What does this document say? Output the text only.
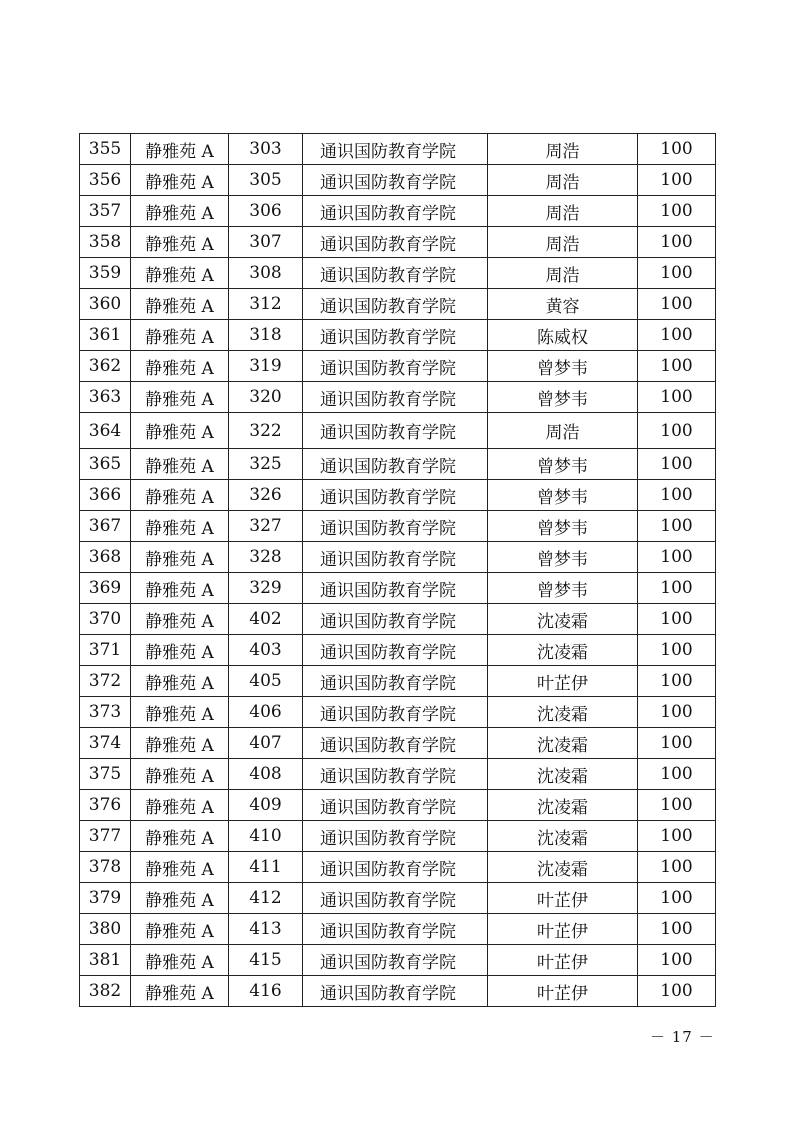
355	静雅苑 A	303	通识国防教育学院	周浩	100
356	静雅苑 A	305	通识国防教育学院	周浩	100
357	静雅苑 A	306	通识国防教育学院	周浩	100
358	静雅苑 A	307	通识国防教育学院	周浩	100
359	静雅苑 A	308	通识国防教育学院	周浩	100
360	静雅苑 A	312	通识国防教育学院	黄容	100
361	静雅苑 A	318	通识国防教育学院	陈威权	100
362	静雅苑 A	319	通识国防教育学院	曾梦韦	100
363	静雅苑 A	320	通识国防教育学院	曾梦韦	100
364	静雅苑 A	322	通识国防教育学院	周浩	100
365	静雅苑 A	325	通识国防教育学院	曾梦韦	100
366	静雅苑 A	326	通识国防教育学院	曾梦韦	100
367	静雅苑 A	327	通识国防教育学院	曾梦韦	100
368	静雅苑 A	328	通识国防教育学院	曾梦韦	100
369	静雅苑 A	329	通识国防教育学院	曾梦韦	100
370	静雅苑 A	402	通识国防教育学院	沈凌霜	100
371	静雅苑 A	403	通识国防教育学院	沈凌霜	100
372	静雅苑 A	405	通识国防教育学院	叶芷伊	100
373	静雅苑 A	406	通识国防教育学院	沈凌霜	100
374	静雅苑 A	407	通识国防教育学院	沈凌霜	100
375	静雅苑 A	408	通识国防教育学院	沈凌霜	100
376	静雅苑 A	409	通识国防教育学院	沈凌霜	100
377	静雅苑 A	410	通识国防教育学院	沈凌霜	100
378	静雅苑 A	411	通识国防教育学院	沈凌霜	100
379	静雅苑 A	412	通识国防教育学院	叶芷伊	100
380	静雅苑 A	413	通识国防教育学院	叶芷伊	100
381	静雅苑 A	415	通识国防教育学院	叶芷伊	100
382	静雅苑 A	416	通识国防教育学院	叶芷伊	100
－ 17 －
